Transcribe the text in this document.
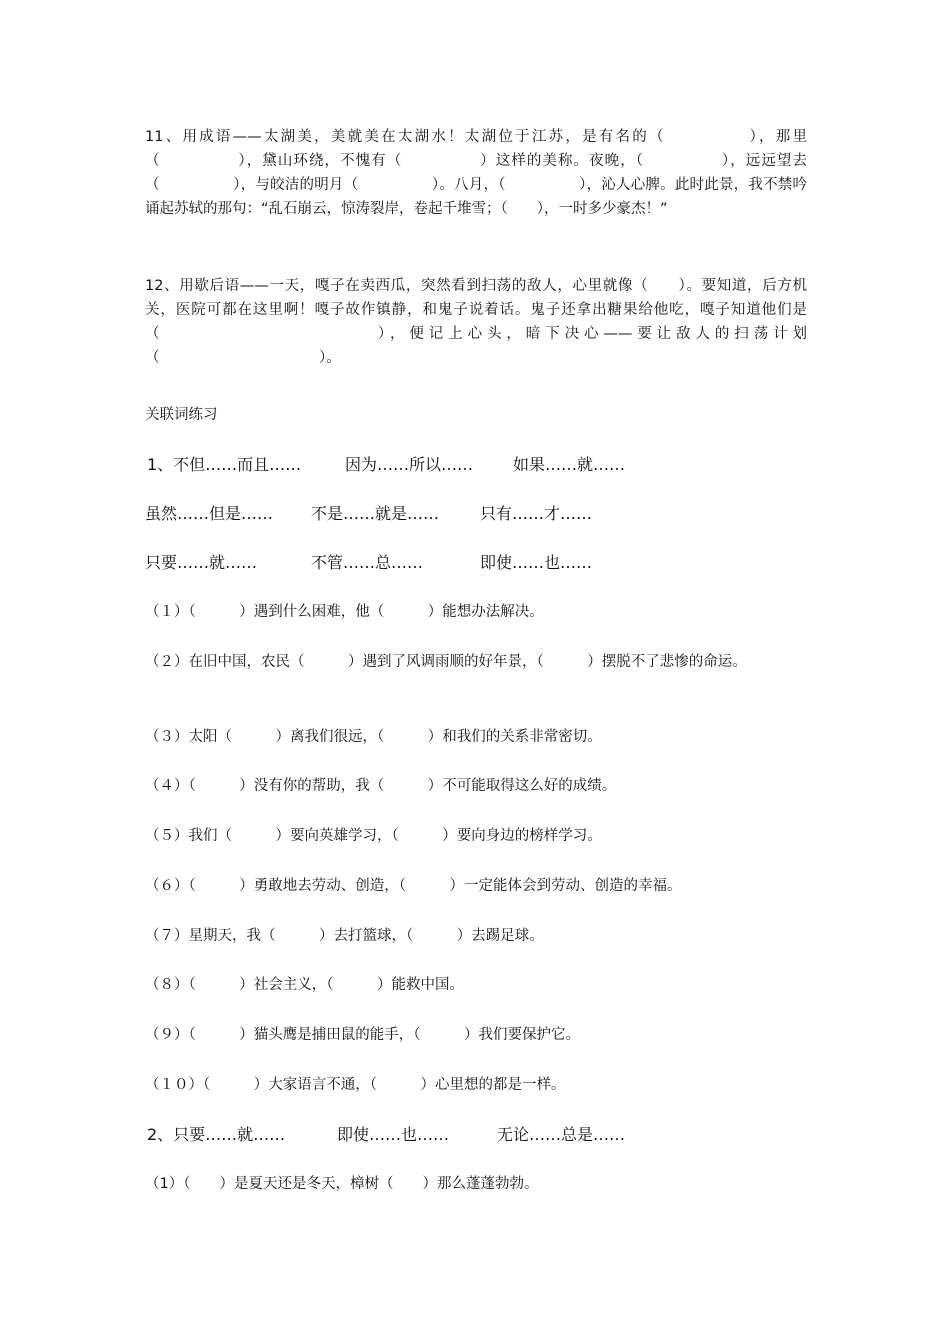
11、用成语——太湖美，美就美在太湖水！太湖位于江苏，是有名的（　　　　　），那里（　　　　　），黛山环绕，不愧有（　　　　　）这样的美称。夜晚，（　　　　　），远远望去（　　　　　），与皎洁的明月（　　　　　）。八月，（　　　　　），沁人心脾。此时此景，我不禁吟诵起苏轼的那句：“乱石崩云，惊涛裂岸，卷起千堆雪；（　　），一时多少豪杰！”

12、用歇后语——一天，嘎子在卖西瓜，突然看到扫荡的敌人，心里就像（　　）。要知道，后方机关，医院可都在这里啊！嘎子故作镇静，和鬼子说着话。鬼子还拿出糖果给他吃，嘎子知道他们是（　　　　　　　　　　　），便记上心头，暗下决心——要让敌人的扫荡计划（　　　　　　　　　　　）。

关联词练习

1、不但……而且……	因为……所以…… 如果……就……
虽然……但是…… 不是……就是……	只有……才……
只要……就……	不管……总……	即使……也……

（１）（　　　）遇到什么困难，他（　　　）能想办法解决。

（２）在旧中国，农民（　　　）遇到了风调雨顺的好年景，（　　　）摆脱不了悲惨的命运。

（３）太阳（　　　）离我们很远，（　　　）和我们的关系非常密切。

（４）（　　　）没有你的帮助，我（　　　）不可能取得这么好的成绩。

（５）我们（　　　）要向英雄学习，（　　　）要向身边的榜样学习。

（６）（　　　）勇敢地去劳动、创造，（　　　）一定能体会到劳动、创造的幸福。

（７）星期天，我（　　　）去打篮球，（　　　）去踢足球。

（８）（　　　）社会主义，（　　　）能救中国。

（９）（　　　）猫头鹰是捕田鼠的能手，（　　　）我们要保护它。

（１０）（　　　）大家语言不通，（　　　）心里想的都是一样。

2、只要……就……	即使……也……	无论……总是……

（1）（　　）是夏天还是冬天，樟树（　　）那么蓬蓬勃勃。
